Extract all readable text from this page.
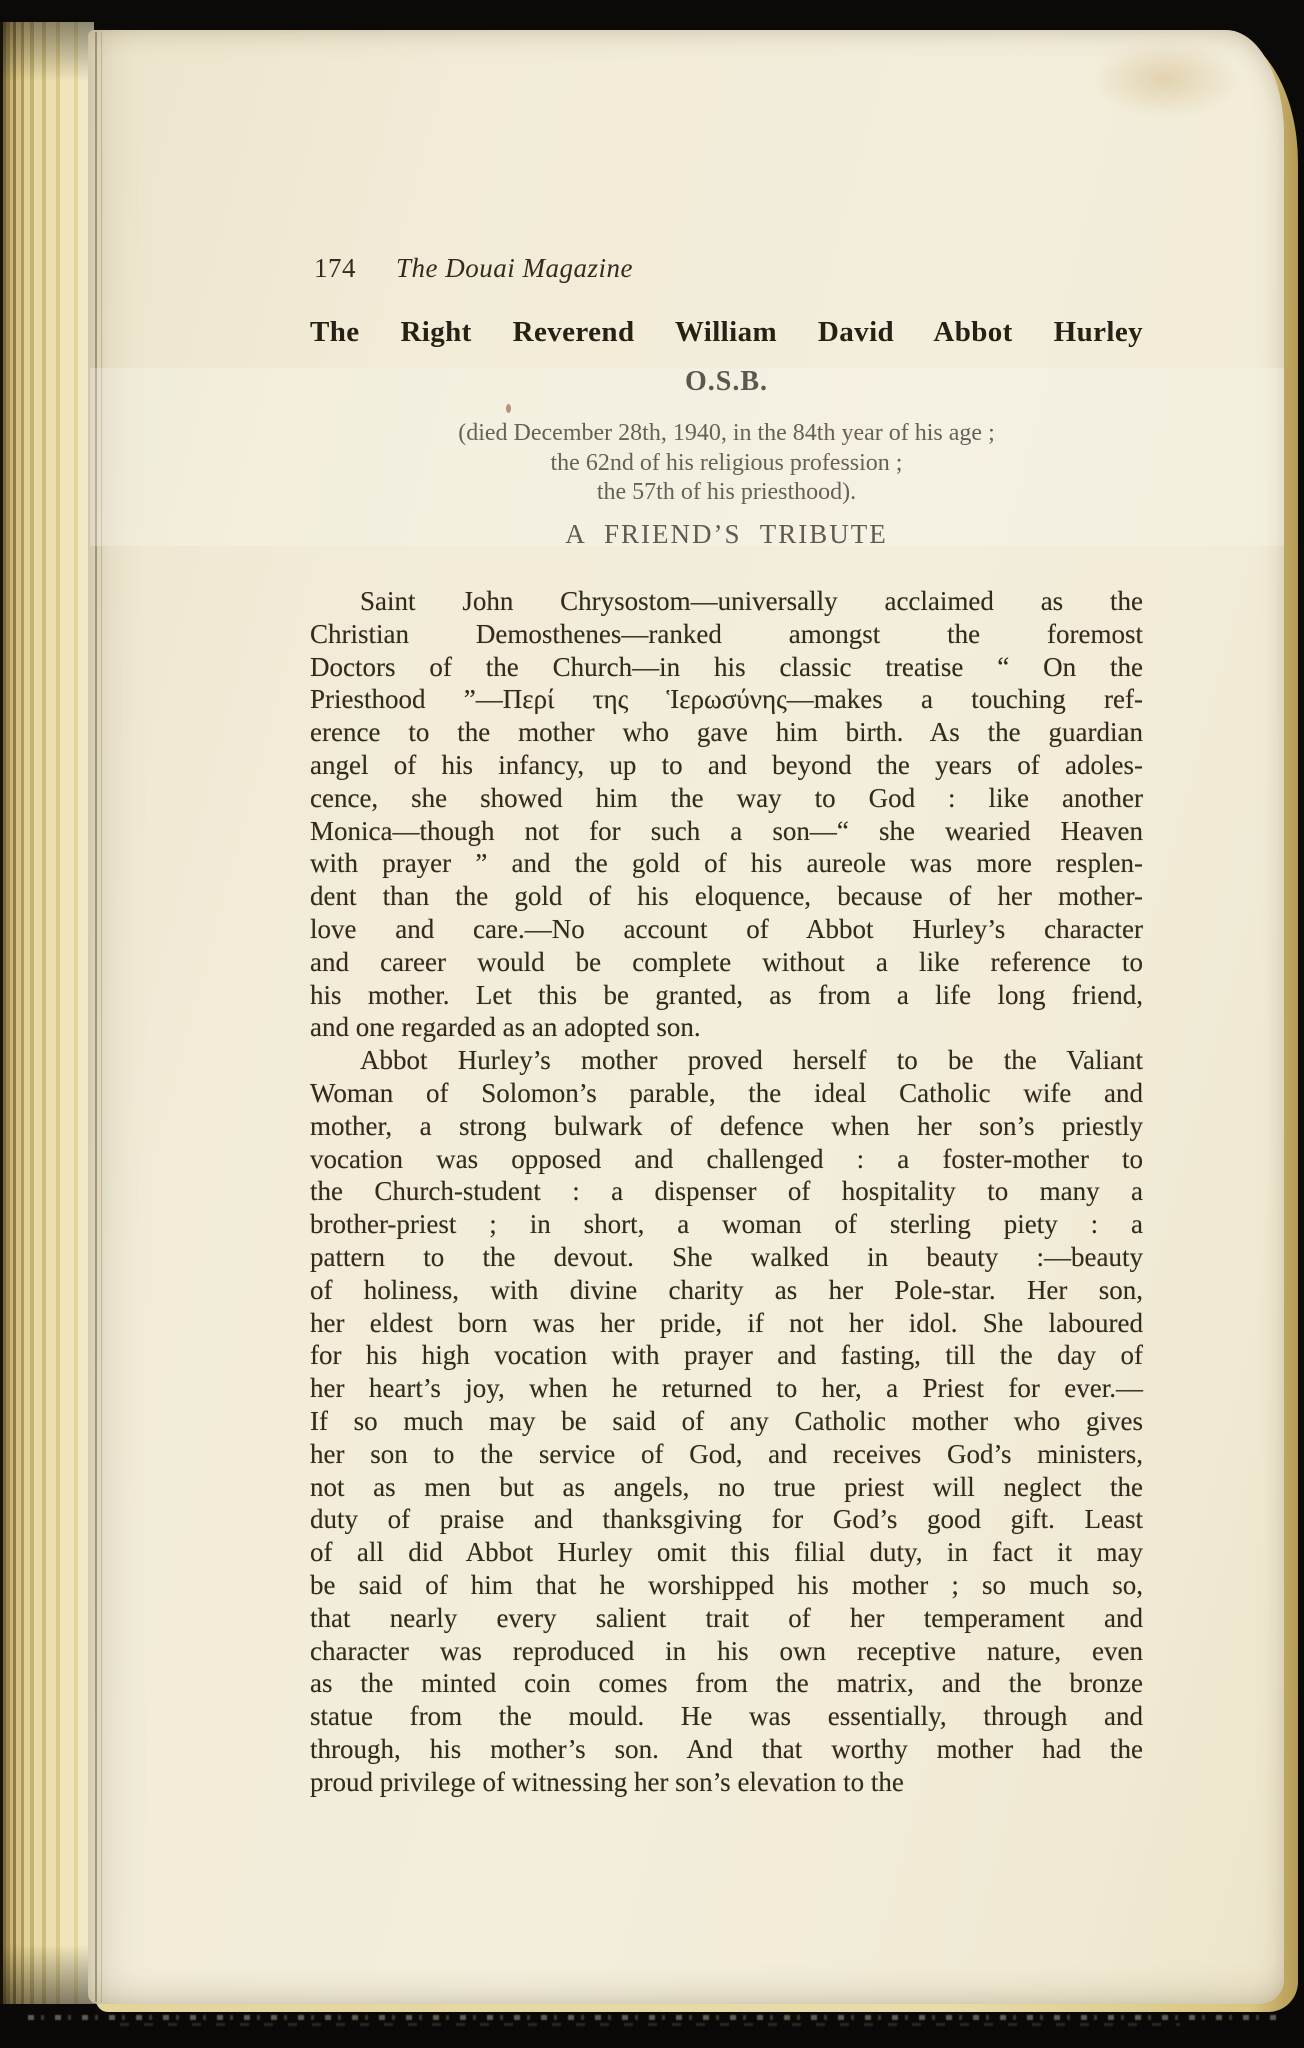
174 The Douai Magazine
The Right Reverend William David Abbot Hurley
O.S.B.
(died December 28th, 1940, in the 84th year of his age ;
the 62nd of his religious profession ;
the 57th of his priesthood).
A FRIEND’S TRIBUTE
Saint John Chrysostom—universally acclaimed as the
Christian Demosthenes—ranked amongst the foremost
Doctors of the Church—in his classic treatise “ On the
Priesthood ”—Περί της Ἱερωσύνης—makes a touching ref-
erence to the mother who gave him birth. As the guardian
angel of his infancy, up to and beyond the years of adoles-
cence, she showed him the way to God : like another
Monica—though not for such a son—“ she wearied Heaven
with prayer ” and the gold of his aureole was more resplen-
dent than the gold of his eloquence, because of her mother-
love and care.—No account of Abbot Hurley’s character
and career would be complete without a like reference to
his mother. Let this be granted, as from a life long friend,
and one regarded as an adopted son.
Abbot Hurley’s mother proved herself to be the Valiant
Woman of Solomon’s parable, the ideal Catholic wife and
mother, a strong bulwark of defence when her son’s priestly
vocation was opposed and challenged : a foster-mother to
the Church-student : a dispenser of hospitality to many a
brother-priest ; in short, a woman of sterling piety : a
pattern to the devout. She walked in beauty :—beauty
of holiness, with divine charity as her Pole-star. Her son,
her eldest born was her pride, if not her idol. She laboured
for his high vocation with prayer and fasting, till the day of
her heart’s joy, when he returned to her, a Priest for ever.—
If so much may be said of any Catholic mother who gives
her son to the service of God, and receives God’s ministers,
not as men but as angels, no true priest will neglect the
duty of praise and thanksgiving for God’s good gift. Least
of all did Abbot Hurley omit this filial duty, in fact it may
be said of him that he worshipped his mother ; so much so,
that nearly every salient trait of her temperament and
character was reproduced in his own receptive nature, even
as the minted coin comes from the matrix, and the bronze
statue from the mould. He was essentially, through and
through, his mother’s son. And that worthy mother had the
proud privilege of witnessing her son’s elevation to the
